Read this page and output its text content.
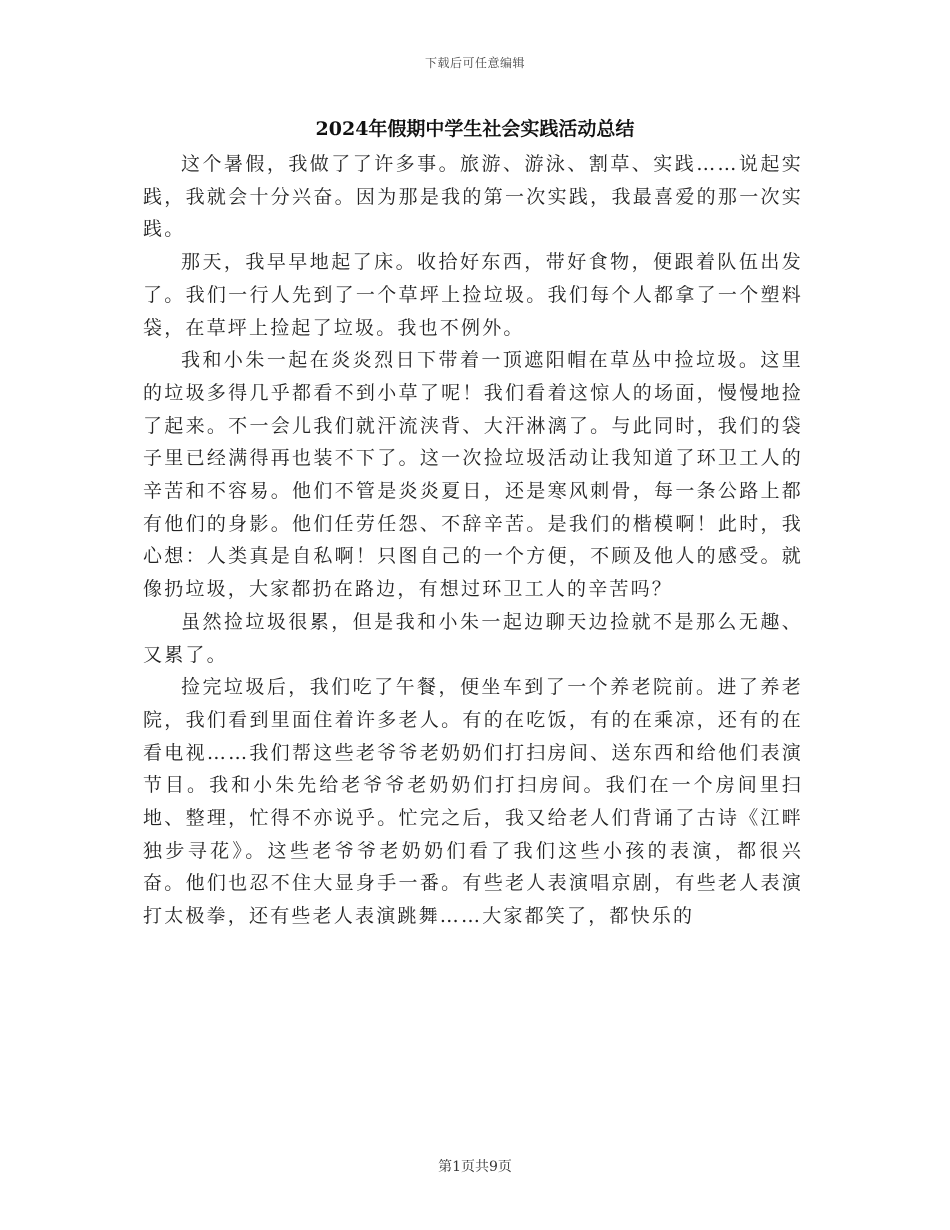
下载后可任意编辑
2024年假期中学生社会实践活动总结

这个暑假，我做了了许多事。旅游、游泳、割草、实践……说起实践，我就会十分兴奋。因为那是我的第一次实践，我最喜爱的那一次实践。

那天，我早早地起了床。收拾好东西，带好食物，便跟着队伍出发了。我们一行人先到了一个草坪上捡垃圾。我们每个人都拿了一个塑料袋，在草坪上捡起了垃圾。我也不例外。

我和小朱一起在炎炎烈日下带着一顶遮阳帽在草丛中捡垃圾。这里的垃圾多得几乎都看不到小草了呢！我们看着这惊人的场面，慢慢地捡了起来。不一会儿我们就汗流浃背、大汗淋漓了。与此同时，我们的袋子里已经满得再也装不下了。这一次捡垃圾活动让我知道了环卫工人的辛苦和不容易。他们不管是炎炎夏日，还是寒风刺骨，每一条公路上都有他们的身影。他们任劳任怨、不辞辛苦。是我们的楷模啊！此时，我心想：人类真是自私啊！只图自己的一个方便，不顾及他人的感受。就像扔垃圾，大家都扔在路边，有想过环卫工人的辛苦吗？

虽然捡垃圾很累，但是我和小朱一起边聊天边捡就不是那么无趣、又累了。

捡完垃圾后，我们吃了午餐，便坐车到了一个养老院前。进了养老院，我们看到里面住着许多老人。有的在吃饭，有的在乘凉，还有的在看电视……我们帮这些老爷爷老奶奶们打扫房间、送东西和给他们表演节目。我和小朱先给老爷爷老奶奶们打扫房间。我们在一个房间里扫地、整理，忙得不亦说乎。忙完之后，我又给老人们背诵了古诗《江畔独步寻花》。这些老爷爷老奶奶们看了我们这些小孩的表演，都很兴奋。他们也忍不住大显身手一番。有些老人表演唱京剧，有些老人表演打太极拳，还有些老人表演跳舞……大家都笑了，都快乐的

第1页共9页
